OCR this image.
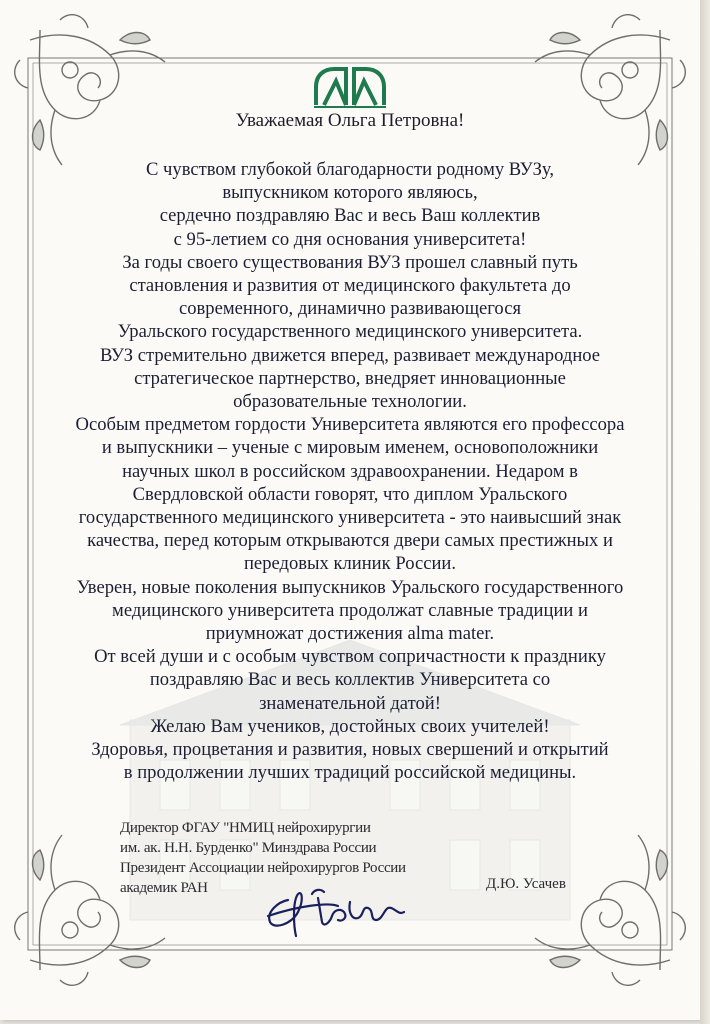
Уважаемая Ольга Петровна!
С чувством глубокой благодарности родному ВУЗу,
выпускником которого являюсь,
сердечно поздравляю Вас и весь Ваш коллектив
с 95-летием со дня основания университета!
За годы своего существования ВУЗ прошел славный путь
становления и развития от медицинского факультета до
современного, динамично развивающегося
Уральского государственного медицинского университета.
ВУЗ стремительно движется вперед, развивает международное
стратегическое партнерство, внедряет инновационные
образовательные технологии.
Особым предметом гордости Университета являются его профессора
и выпускники – ученые с мировым именем, основоположники
научных школ в российском здравоохранении. Недаром в
Свердловской области говорят, что диплом Уральского
государственного медицинского университета - это наивысший знак
качества, перед которым открываются двери самых престижных и
передовых клиник России.
Уверен, новые поколения выпускников Уральского государственного
медицинского университета продолжат славные традиции и
приумножат достижения alma mater.
От всей души и с особым чувством сопричастности к празднику
поздравляю Вас и весь коллектив Университета со
знаменательной датой!
Желаю Вам учеников, достойных своих учителей!
Здоровья, процветания и развития, новых свершений и открытий
в продолжении лучших традиций российской медицины.
Директор ФГАУ "НМИЦ нейрохирургии
им. ак. Н.Н. Бурденко" Минздрава России
Президент Ассоциации нейрохирургов России
академик РАН	Д.Ю. Усачев
